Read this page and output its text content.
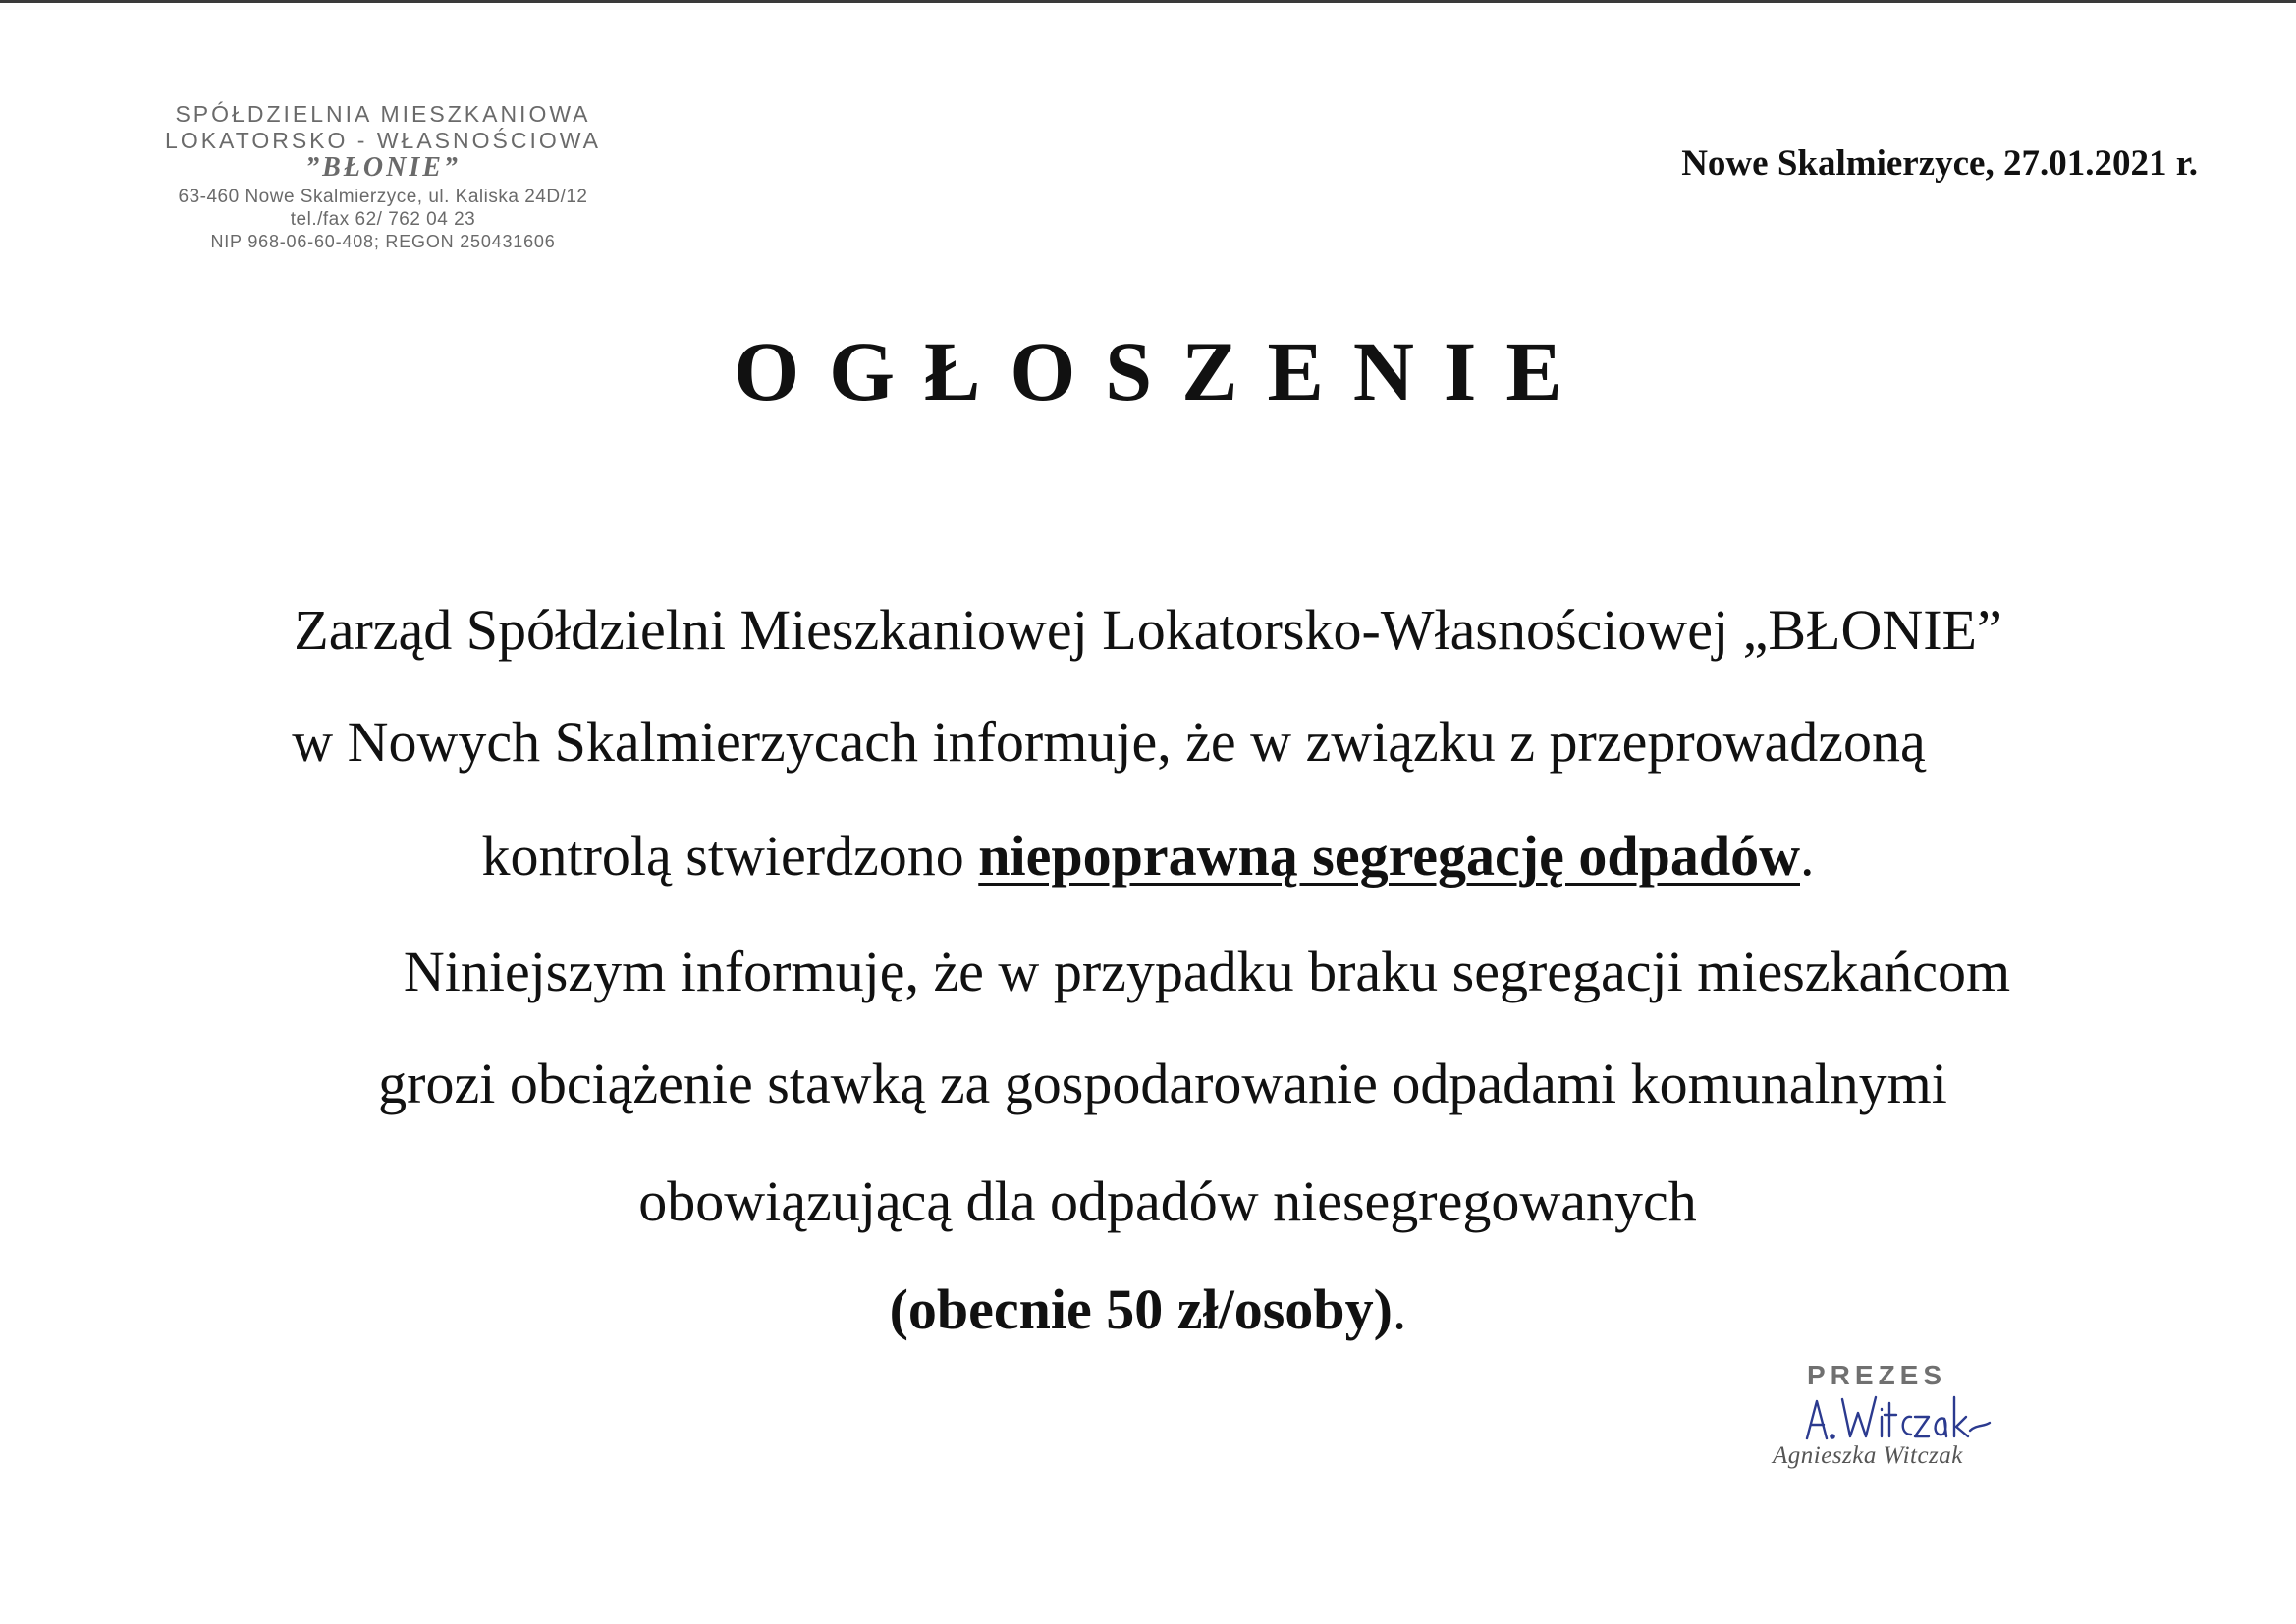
SPÓŁDZIELNIA MIESZKANIOWA
LOKATORSKO - WŁASNOŚCIOWA
”BŁONIE”
63-460 Nowe Skalmierzyce, ul. Kaliska 24D/12
tel./fax 62/ 762 04 23
NIP 968-06-60-408; REGON 250431606
Nowe Skalmierzyce, 27.01.2021 r.
OGŁOSZENIE
Zarząd Spółdzielni Mieszkaniowej Lokatorsko-Własnościowej „BŁONIE”
w Nowych Skalmierzycach informuje, że w związku z przeprowadzoną
kontrolą stwierdzono niepoprawną segregację odpadów.
Niniejszym informuję, że w przypadku braku segregacji mieszkańcom
grozi obciążenie stawką za gospodarowanie odpadami komunalnymi
obowiązującą dla odpadów niesegregowanych
(obecnie 50 zł/osoby).
PREZES
Agnieszka Witczak
